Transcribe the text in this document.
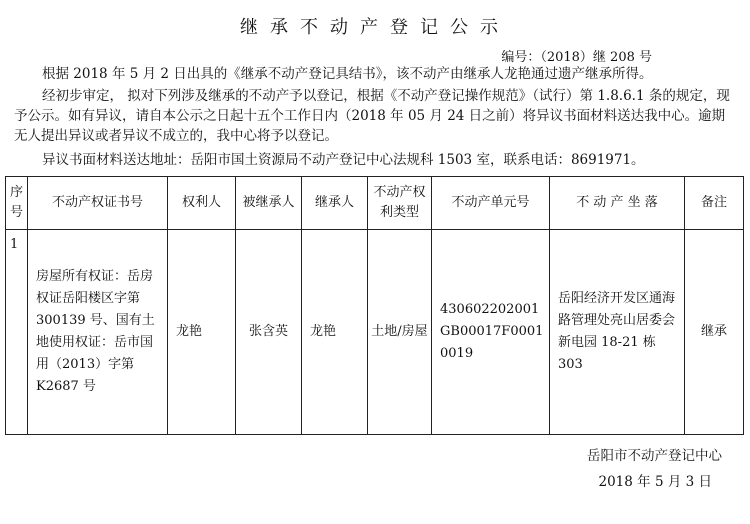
继承不动产登记公示
编号：（2018）继 208 号
根据 2018 年 5 月 2 日出具的《继承不动产登记具结书》，该不动产由继承人龙艳通过遗产继承所得。
经初步审定， 拟对下列涉及继承的不动产予以登记，根据《不动产登记操作规范》（试行）第 1.8.6.1 条的规定，现予公示。如有异议，请自本公示之日起十五个工作日内（2018 年 05 月 24 日之前）将异议书面材料送达我中心。逾期无人提出异议或者异议不成立的，我中心将予以登记。
异议书面材料送达地址：岳阳市国土资源局不动产登记中心法规科 1503 室，联系电话：8691971。
序号	不动产权证书号	权利人	被继承人	继承人	不动产权利类型	不动产单元号	不 动 产 坐 落	备注
1	房屋所有权证：岳房权证岳阳楼区字第 300139 号、国有土地使用权证：岳市国用（2013）字第 K2687 号	龙艳	张含英	龙艳	土地/房屋	430602202001GB00017F00010019	岳阳经济开发区通海路管理处亮山居委会新电园 18-21 栋 303	继承
岳阳市不动产登记中心
2018 年 5 月 3 日
